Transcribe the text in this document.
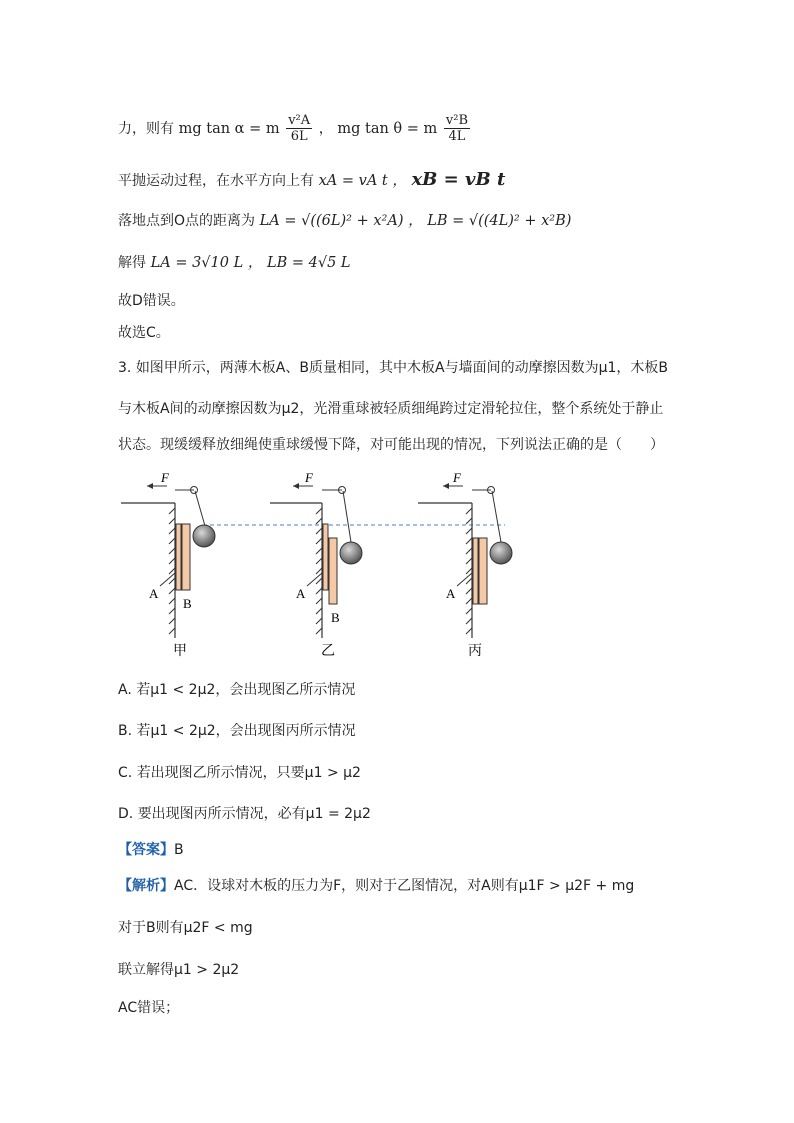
力，则有 mg tan α = m $\frac{\text{v²A}}{6L}$ ， mg tan θ = m $\frac{\text{v²B}}{4L}$
平抛运动过程，在水平方向上有 xA = vA t ， xB = vB t
落地点到O点的距离为 LA = √((6L)² + x²A) ， LB = √((4L)² + x²B)
解得 LA = 3√10 L ， LB = 4√5 L
故D错误。
故选C。
3. 如图甲所示，两薄木板A、B质量相同，其中木板A与墙面间的动摩擦因数为μ1，木板B
与木板A间的动摩擦因数为μ2，光滑重球被轻质细绳跨过定滑轮拉住，整个系统处于静止
状态。现缓缓释放细绳使重球缓慢下降，对可能出现的情况，下列说法正确的是（　　）
F
A
B
甲
F
A
B
乙
F
A
丙
A. 若μ1 < 2μ2，会出现图乙所示情况
B. 若μ1 < 2μ2，会出现图丙所示情况
C. 若出现图乙所示情况，只要μ1 > μ2
D. 要出现图丙所示情况，必有μ1 = 2μ2
【答案】B
【解析】AC．设球对木板的压力为F，则对于乙图情况，对A则有μ1F > μ2F + mg
对于B则有μ2F < mg
联立解得μ1 > 2μ2
AC错误；
